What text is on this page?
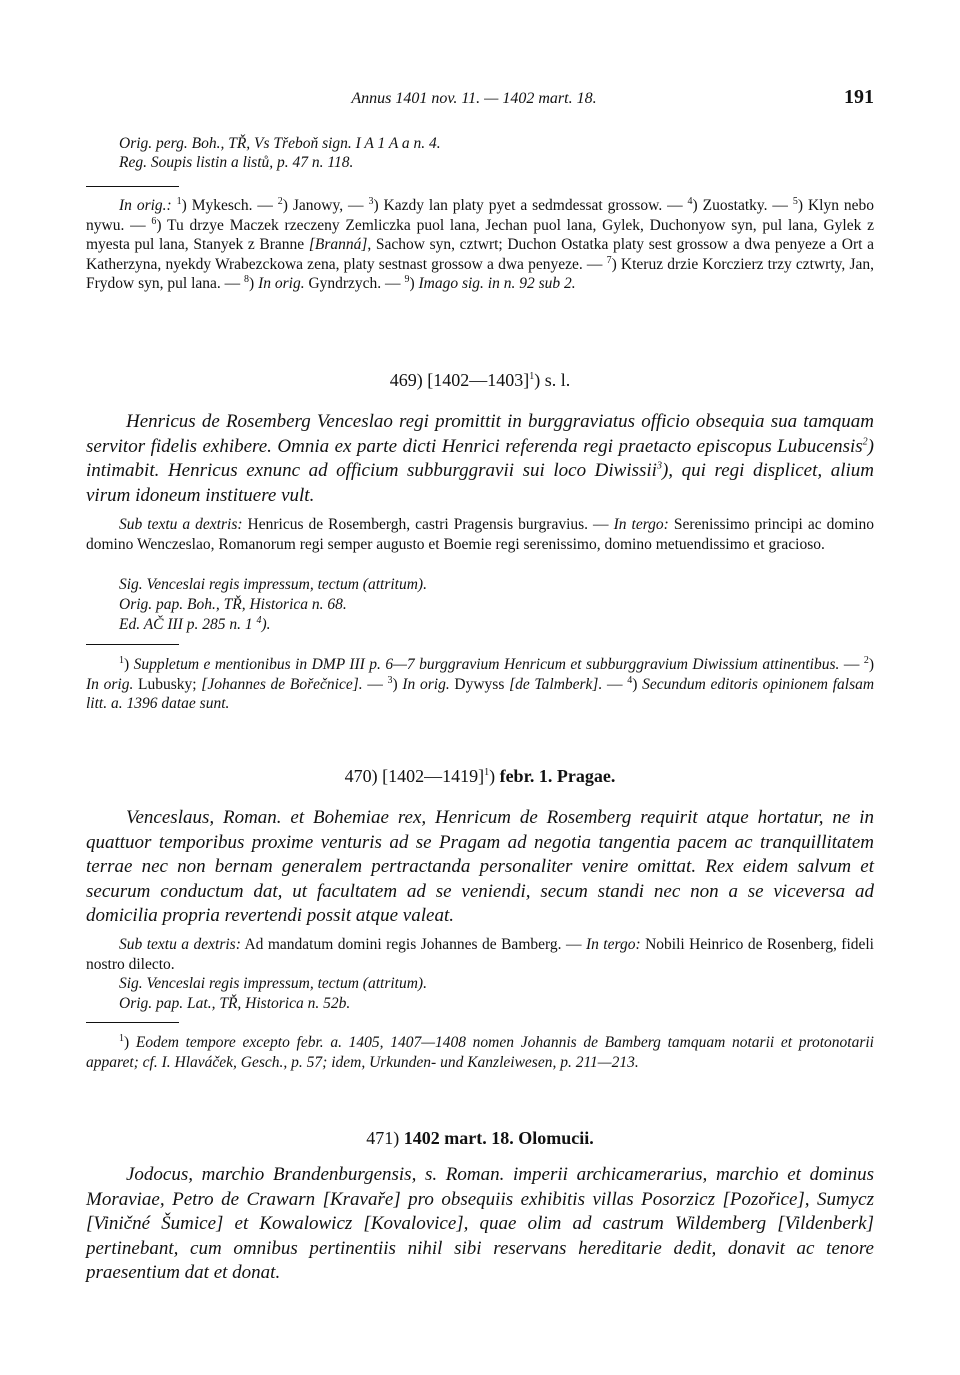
Annus 1401 nov. 11. — 1402 mart. 18.	191
Orig. perg. Boh., TŘ, Vs Třeboň sign. I A 1 A a n. 4.
Reg. Soupis listin a listů, p. 47 n. 118.
In orig.: $^1$) Mykesch. — $^2$) Janowy, — $^3$) Kazdy lan platy pyet a sedmdessat grossow. — $^4$) Zuostatky. — $^5$) Klyn nebo nywu. — $^6$) Tu drzye Maczek rzeczeny Zemliczka puol lana, Jechan puol lana, Gylek, Duchonyow syn, pul lana, Gylek z myesta pul lana, Stanyek z Branne [Branná], Sachow syn, cztwrt; Duchon Ostatka platy sest grossow a dwa penyeze a Ort a Katherzyna, nyekdy Wrabezckowa zena, platy sestnast grossow a dwa penyeze. — $^7$) Kteruz drzie Korczierz trzy cztwrty, Jan, Frydow syn, pul lana. — $^8$) In orig. Gyndrzych. — $^9$) Imago sig. in n. 92 sub 2.
469) [1402—1403]$^1$) s. l.
Henricus de Rosemberg Venceslao regi promittit in burggraviatus officio obsequia sua tamquam servitor fidelis exhibere. Omnia ex parte dicti Henrici referenda regi praetacto episcopus Lubucensis$^2$) intimabit. Henricus exnunc ad officium subburggravii sui loco Diwissii$^3$), qui regi displicet, alium virum idoneum instituere vult.
Sub textu a dextris: Henricus de Rosembergh, castri Pragensis burgravius. — In tergo: Serenissimo principi ac domino domino Wenczeslao, Romanorum regi semper augusto et Boemie regi serenissimo, domino metuendissimo et gracioso.
Sig. Venceslai regis impressum, tectum (attritum).
Orig. pap. Boh., TŘ, Historica n. 68.
Ed. AČ III p. 285 n. 1 $^4$).
$^1$) Suppletum e mentionibus in DMP III p. 6—7 burggravium Henricum et subburggravium Diwissium attinentibus. — $^2$) In orig. Lubusky; [Johannes de Bořečnice]. — $^3$) In orig. Dywyss [de Talmberk]. — $^4$) Secundum editoris opinionem falsam litt. a. 1396 datae sunt.
470) [1402—1419]$^1$) febr. 1. Pragae.
Venceslaus, Roman. et Bohemiae rex, Henricum de Rosemberg requirit atque hortatur, ne in quattuor temporibus proxime venturis ad se Pragam ad negotia tangentia pacem ac tranquillitatem terrae nec non bernam generalem pertractanda personaliter venire omittat. Rex eidem salvum et securum conductum dat, ut facultatem ad se veniendi, secum standi nec non a se viceversa ad domicilia propria revertendi possit atque valeat.
Sub textu a dextris: Ad mandatum domini regis Johannes de Bamberg. — In tergo: Nobili Heinrico de Rosenberg, fideli nostro dilecto.
Sig. Venceslai regis impressum, tectum (attritum).
Orig. pap. Lat., TŘ, Historica n. 52b.
$^1$) Eodem tempore excepto febr. a. 1405, 1407—1408 nomen Johannis de Bamberg tamquam notarii et protonotarii apparet; cf. I. Hlaváček, Gesch., p. 57; idem, Urkunden- und Kanzleiwesen, p. 211—213.
471) 1402 mart. 18. Olomucii.
Jodocus, marchio Brandenburgensis, s. Roman. imperii archicamerarius, marchio et dominus Moraviae, Petro de Crawarn [Kravaře] pro obsequiis exhibitis villas Posorzicz [Pozořice], Sumycz [Viničné Šumice] et Kowalowicz [Kovalovice], quae olim ad castrum Wildemberg [Vildenberk] pertinebant, cum omnibus pertinentiis nihil sibi reservans hereditarie dedit, donavit ac tenore praesentium dat et donat.
